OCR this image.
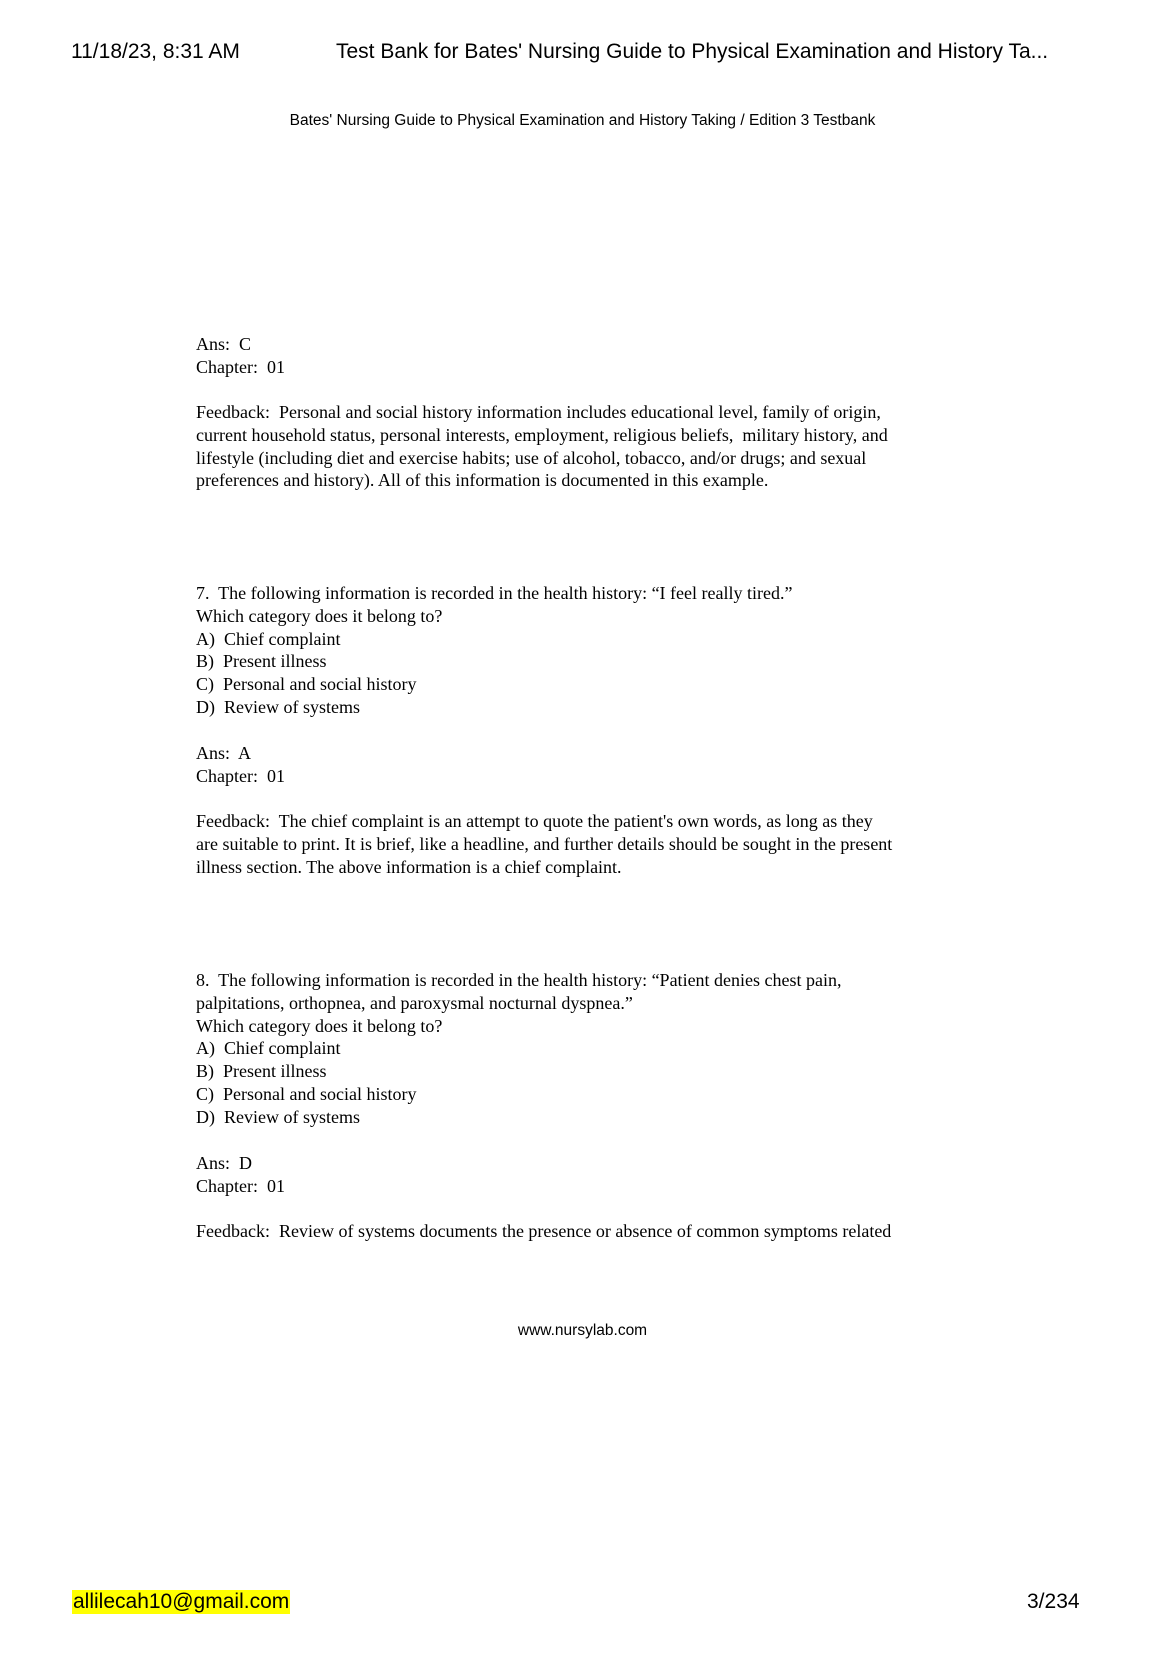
11/18/23, 8:31 AM	Test Bank for Bates' Nursing Guide to Physical Examination and History Ta...
Bates' Nursing Guide to Physical Examination and History Taking / Edition 3 Testbank
Ans:  C
Chapter:  01
Feedback:  Personal and social history information includes educational level, family of origin,
current household status, personal interests, employment, religious beliefs,  military history, and
lifestyle (including diet and exercise habits; use of alcohol, tobacco, and/or drugs; and sexual
preferences and history). All of this information is documented in this example.
7.  The following information is recorded in the health history: “I feel really tired.”
Which category does it belong to?
A)  Chief complaint
B)  Present illness
C)  Personal and social history
D)  Review of systems
Ans:  A
Chapter:  01
Feedback:  The chief complaint is an attempt to quote the patient's own words, as long as they
are suitable to print. It is brief, like a headline, and further details should be sought in the present
illness section. The above information is a chief complaint.
8.  The following information is recorded in the health history: “Patient denies chest pain,
palpitations, orthopnea, and paroxysmal nocturnal dyspnea.”
Which category does it belong to?
A)  Chief complaint
B)  Present illness
C)  Personal and social history
D)  Review of systems
Ans:  D
Chapter:  01
Feedback:  Review of systems documents the presence or absence of common symptoms related
www.nursylab.com
allilecah10@gmail.com	3/234
